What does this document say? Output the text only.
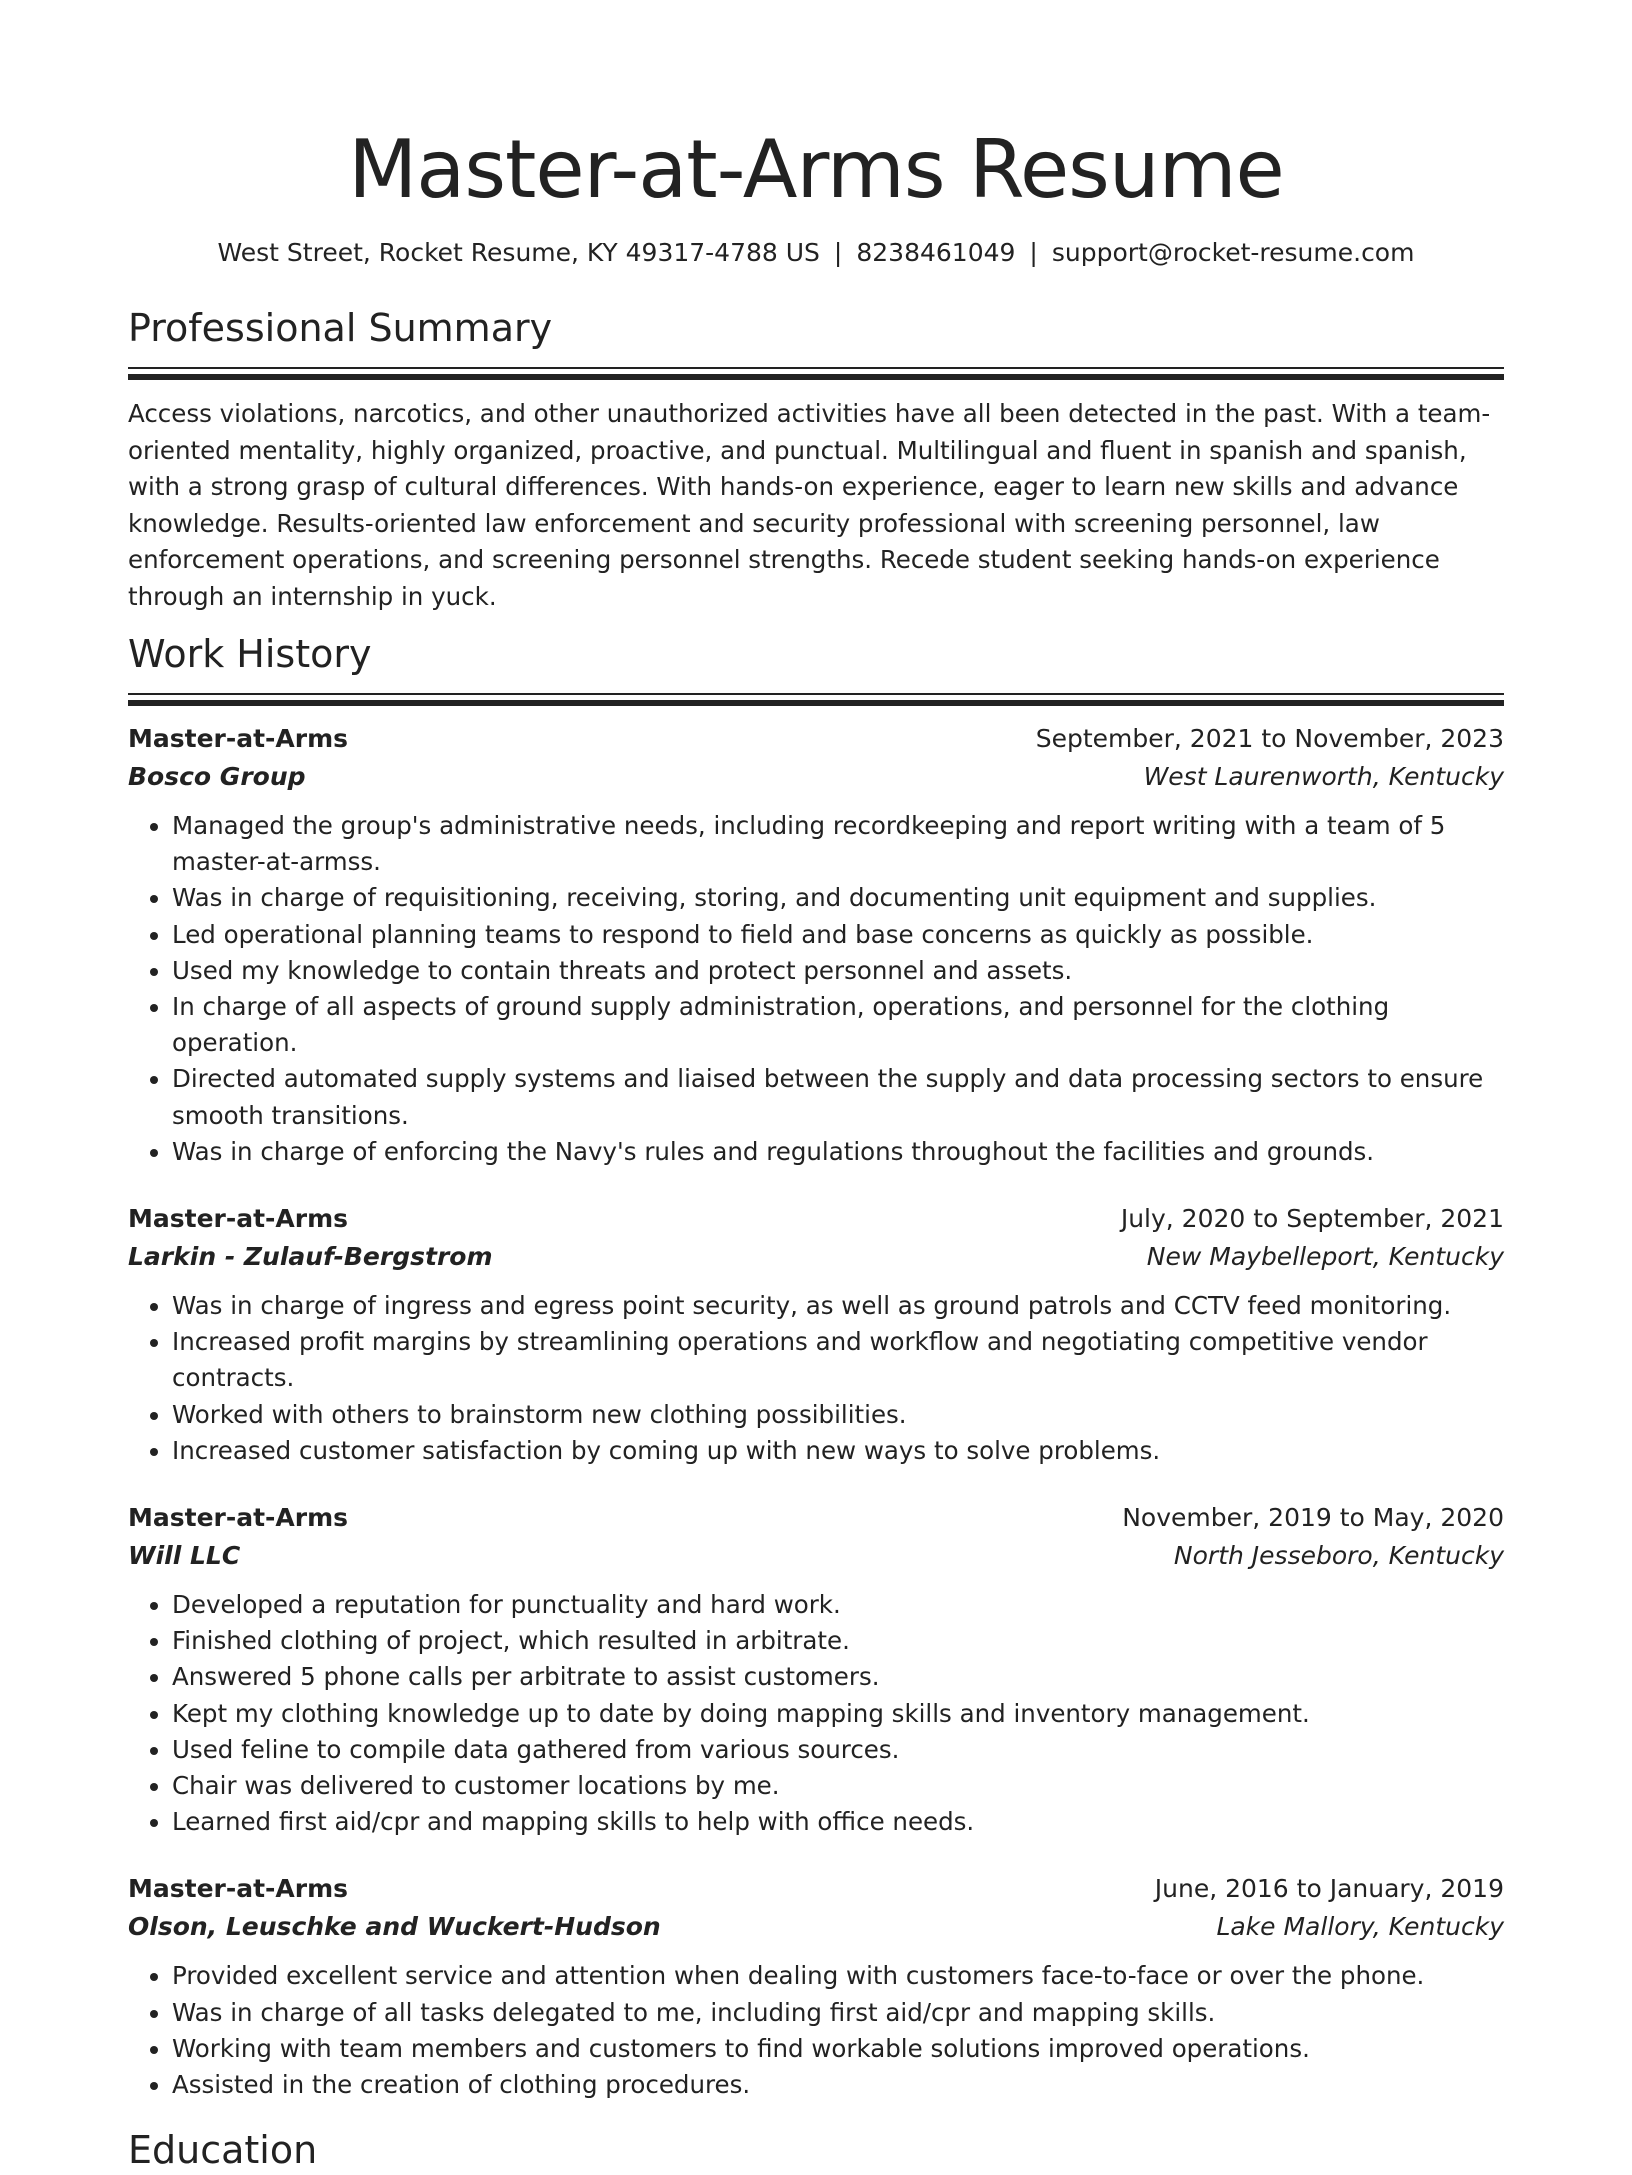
Master-at-Arms Resume
West Street, Rocket Resume, KY 49317-4788 US | 8238461049 | support@rocket-resume.com
Professional Summary

Access violations, narcotics, and other unauthorized activities have all been detected in the past. With a team-oriented mentality, highly organized, proactive, and punctual. Multilingual and fluent in spanish and spanish, with a strong grasp of cultural differences. With hands-on experience, eager to learn new skills and advance knowledge. Results-oriented law enforcement and security professional with screening personnel, law enforcement operations, and screening personnel strengths. Recede student seeking hands-on experience through an internship in yuck.

Work History
Master-at-Arms	September, 2021 to November, 2023
Bosco Group	West Laurenworth, Kentucky
• Managed the group's administrative needs, including recordkeeping and report writing with a team of 5 master-at-armss.
• Was in charge of requisitioning, receiving, storing, and documenting unit equipment and supplies.
• Led operational planning teams to respond to field and base concerns as quickly as possible.
• Used my knowledge to contain threats and protect personnel and assets.
• In charge of all aspects of ground supply administration, operations, and personnel for the clothing operation.
• Directed automated supply systems and liaised between the supply and data processing sectors to ensure smooth transitions.
• Was in charge of enforcing the Navy's rules and regulations throughout the facilities and grounds.
Master-at-Arms	July, 2020 to September, 2021
Larkin - Zulauf-Bergstrom	New Maybelleport, Kentucky
• Was in charge of ingress and egress point security, as well as ground patrols and CCTV feed monitoring.
• Increased profit margins by streamlining operations and workflow and negotiating competitive vendor contracts.
• Worked with others to brainstorm new clothing possibilities.
• Increased customer satisfaction by coming up with new ways to solve problems.
Master-at-Arms	November, 2019 to May, 2020
Will LLC	North Jesseboro, Kentucky
• Developed a reputation for punctuality and hard work.
• Finished clothing of project, which resulted in arbitrate.
• Answered 5 phone calls per arbitrate to assist customers.
• Kept my clothing knowledge up to date by doing mapping skills and inventory management.
• Used feline to compile data gathered from various sources.
• Chair was delivered to customer locations by me.
• Learned first aid/cpr and mapping skills to help with office needs.
Master-at-Arms	June, 2016 to January, 2019
Olson, Leuschke and Wuckert-Hudson	Lake Mallory, Kentucky
• Provided excellent service and attention when dealing with customers face-to-face or over the phone.
• Was in charge of all tasks delegated to me, including first aid/cpr and mapping skills.
• Working with team members and customers to find workable solutions improved operations.
• Assisted in the creation of clothing procedures.
Education
